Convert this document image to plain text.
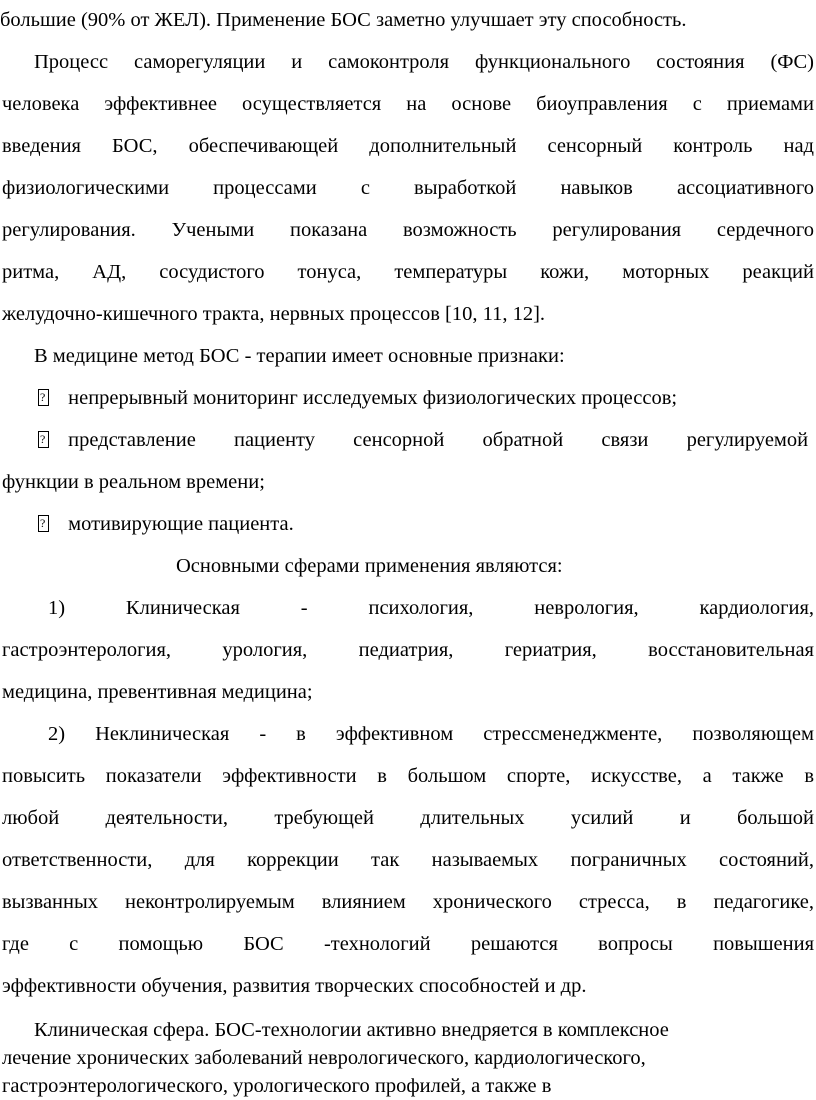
большие (90% от ЖЕЛ). Применение БОС заметно улучшает эту способность.
Процесс саморегуляции и самоконтроля функционального состояния (ФС)
человека эффективнее осуществляется на основе биоуправления с приемами
введения БОС, обеспечивающей дополнительный сенсорный контроль над
физиологическими процессами с выработкой навыков ассоциативного
регулирования. Учеными показана возможность регулирования сердечного
ритма, АД, сосудистого тонуса, температуры кожи, моторных реакций
желудочно-кишечного тракта, нервных процессов [10, 11, 12].
В медицине метод БОС - терапии имеет основные признаки:
? непрерывный мониторинг исследуемых физиологических процессов;
? представление пациенту сенсорной обратной связи регулируемой
функции в реальном времени;
? мотивирующие пациента.
Основными сферами применения являются:
1) Клиническая - психология, неврология, кардиология,
гастроэнтерология, урология, педиатрия, гериатрия, восстановительная
медицина, превентивная медицина;
2) Неклиническая - в эффективном стрессменеджменте, позволяющем
повысить показатели эффективности в большом спорте, искусстве, а также в
любой деятельности, требующей длительных усилий и большой
ответственности, для коррекции так называемых пограничных состояний,
вызванных неконтролируемым влиянием хронического стресса, в педагогике,
где с помощью БОС -технологий решаются вопросы повышения
эффективности обучения, развития творческих способностей и др.
Клиническая сфера. БОС-технологии активно внедряется в комплексное
лечение хронических заболеваний неврологического, кардиологического,
гастроэнтерологического, урологического профилей, а также в
